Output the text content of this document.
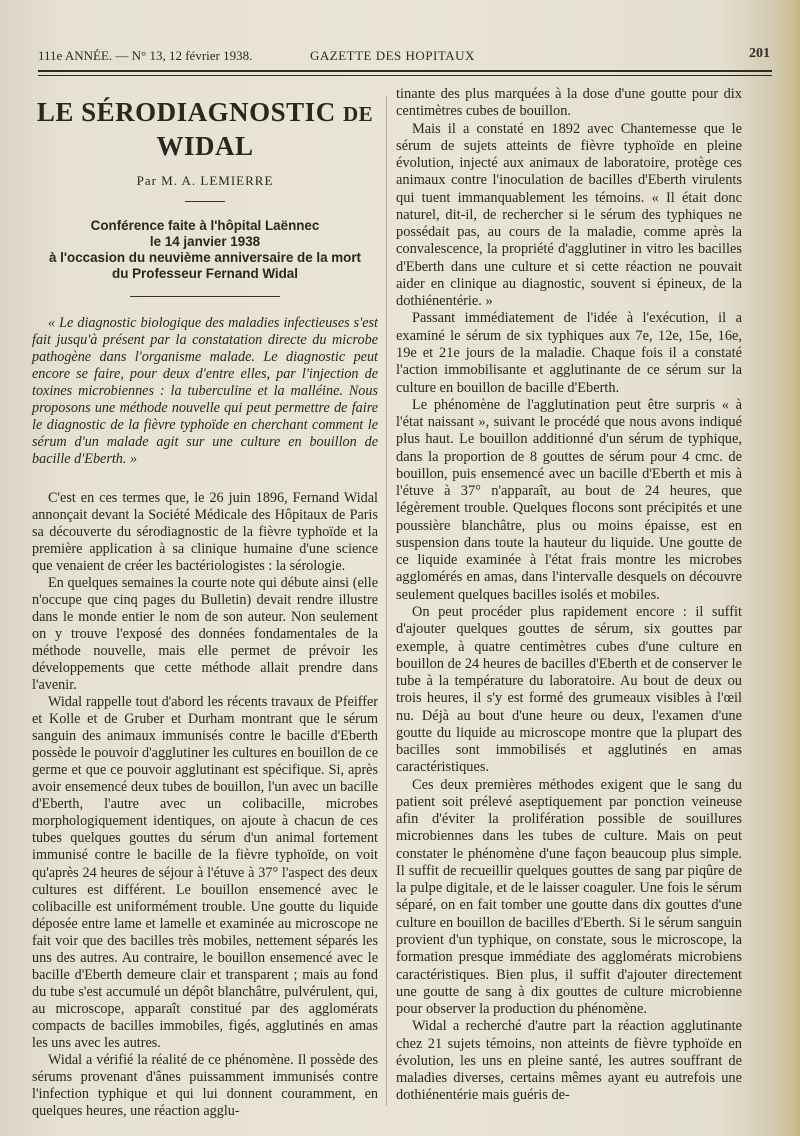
111e ANNÉE. — N° 13, 12 février 1938.	GAZETTE DES HOPITAUX	201
LE SÉRODIAGNOSTIC DE WIDAL
Par M. A. LEMIERRE
Conférence faite à l'hôpital Laënnec
le 14 janvier 1938
à l'occasion du neuvième anniversaire de la mort
du Professeur Fernand Widal

« Le diagnostic biologique des maladies infectieuses s'est fait jusqu'à présent par la constatation directe du microbe pathogène dans l'organisme malade. Le diagnostic peut encore se faire, pour deux d'entre elles, par l'injection de toxines microbiennes : la tuberculine et la malléine. Nous proposons une méthode nouvelle qui peut permettre de faire le diagnostic de la fièvre typhoïde en cherchant comment le sérum d'un malade agit sur une culture en bouillon de bacille d'Eberth. »

C'est en ces termes que, le 26 juin 1896, Fernand Widal annonçait devant la Société Médicale des Hôpitaux de Paris sa découverte du sérodiagnostic de la fièvre typhoïde et la première application à sa clinique humaine d'une science que venaient de créer les bactériologistes : la sérologie.

En quelques semaines la courte note qui débute ainsi (elle n'occupe que cinq pages du Bulletin) devait rendre illustre dans le monde entier le nom de son auteur. Non seulement on y trouve l'exposé des données fondamentales de la méthode nouvelle, mais elle permet de prévoir les développements que cette méthode allait prendre dans l'avenir.

Widal rappelle tout d'abord les récents travaux de Pfeiffer et Kolle et de Gruber et Durham montrant que le sérum sanguin des animaux immunisés contre le bacille d'Eberth possède le pouvoir d'agglutiner les cultures en bouillon de ce germe et que ce pouvoir agglutinant est spécifique. Si, après avoir ensemencé deux tubes de bouillon, l'un avec un bacille d'Eberth, l'autre avec un colibacille, microbes morphologiquement identiques, on ajoute à chacun de ces tubes quelques gouttes du sérum d'un animal fortement immunisé contre le bacille de la fièvre typhoïde, on voit qu'après 24 heures de séjour à l'étuve à 37° l'aspect des deux cultures est différent. Le bouillon ensemencé avec le colibacille est uniformément trouble. Une goutte du liquide déposée entre lame et lamelle et examinée au microscope ne fait voir que des bacilles très mobiles, nettement séparés les uns des autres. Au contraire, le bouillon ensemencé avec le bacille d'Eberth demeure clair et transparent ; mais au fond du tube s'est accumulé un dépôt blanchâtre, pulvérulent, qui, au microscope, apparaît constitué par des agglomérats compacts de bacilles immobiles, figés, agglutinés en amas les uns avec les autres.

Widal a vérifié la réalité de ce phénomène. Il possède des sérums provenant d'ânes puissamment immunisés contre l'infection typhique et qui lui donnent couramment, en quelques heures, une réaction agglu-

tinante des plus marquées à la dose d'une goutte pour dix centimètres cubes de bouillon.

Mais il a constaté en 1892 avec Chantemesse que le sérum de sujets atteints de fièvre typhoïde en pleine évolution, injecté aux animaux de laboratoire, protège ces animaux contre l'inoculation de bacilles d'Eberth virulents qui tuent immanquablement les témoins. « Il était donc naturel, dit-il, de rechercher si le sérum des typhiques ne possédait pas, au cours de la maladie, comme après la convalescence, la propriété d'agglutiner in vitro les bacilles d'Eberth dans une culture et si cette réaction ne pouvait aider en clinique au diagnostic, souvent si épineux, de la dothiénentérie. »

Passant immédiatement de l'idée à l'exécution, il a examiné le sérum de six typhiques aux 7e, 12e, 15e, 16e, 19e et 21e jours de la maladie. Chaque fois il a constaté l'action immobilisante et agglutinante de ce sérum sur la culture en bouillon de bacille d'Eberth.

Le phénomène de l'agglutination peut être surpris « à l'état naissant », suivant le procédé que nous avons indiqué plus haut. Le bouillon additionné d'un sérum de typhique, dans la proportion de 8 gouttes de sérum pour 4 cmc. de bouillon, puis ensemencé avec un bacille d'Eberth et mis à l'étuve à 37° n'apparaît, au bout de 24 heures, que légèrement trouble. Quelques flocons sont précipités et une poussière blanchâtre, plus ou moins épaisse, est en suspension dans toute la hauteur du liquide. Une goutte de ce liquide examinée à l'état frais montre les microbes agglomérés en amas, dans l'intervalle desquels on découvre seulement quelques bacilles isolés et mobiles.

On peut procéder plus rapidement encore : il suffit d'ajouter quelques gouttes de sérum, six gouttes par exemple, à quatre centimètres cubes d'une culture en bouillon de 24 heures de bacilles d'Eberth et de conserver le tube à la température du laboratoire. Au bout de deux ou trois heures, il s'y est formé des grumeaux visibles à l'œil nu. Déjà au bout d'une heure ou deux, l'examen d'une goutte du liquide au microscope montre que la plupart des bacilles sont immobilisés et agglutinés en amas caractéristiques.

Ces deux premières méthodes exigent que le sang du patient soit prélevé aseptiquement par ponction veineuse afin d'éviter la prolifération possible de souillures microbiennes dans les tubes de culture. Mais on peut constater le phénomène d'une façon beaucoup plus simple. Il suffit de recueillir quelques gouttes de sang par piqûre de la pulpe digitale, et de le laisser coaguler. Une fois le sérum séparé, on en fait tomber une goutte dans dix gouttes d'une culture en bouillon de bacilles d'Eberth. Si le sérum sanguin provient d'un typhique, on constate, sous le microscope, la formation presque immédiate des agglomérats microbiens caractéristiques. Bien plus, il suffit d'ajouter directement une goutte de sang à dix gouttes de culture microbienne pour observer la production du phénomène.

Widal a recherché d'autre part la réaction agglutinante chez 21 sujets témoins, non atteints de fièvre typhoïde en évolution, les uns en pleine santé, les autres souffrant de maladies diverses, certains mêmes ayant eu autrefois une dothiénentérie mais guéris de-
